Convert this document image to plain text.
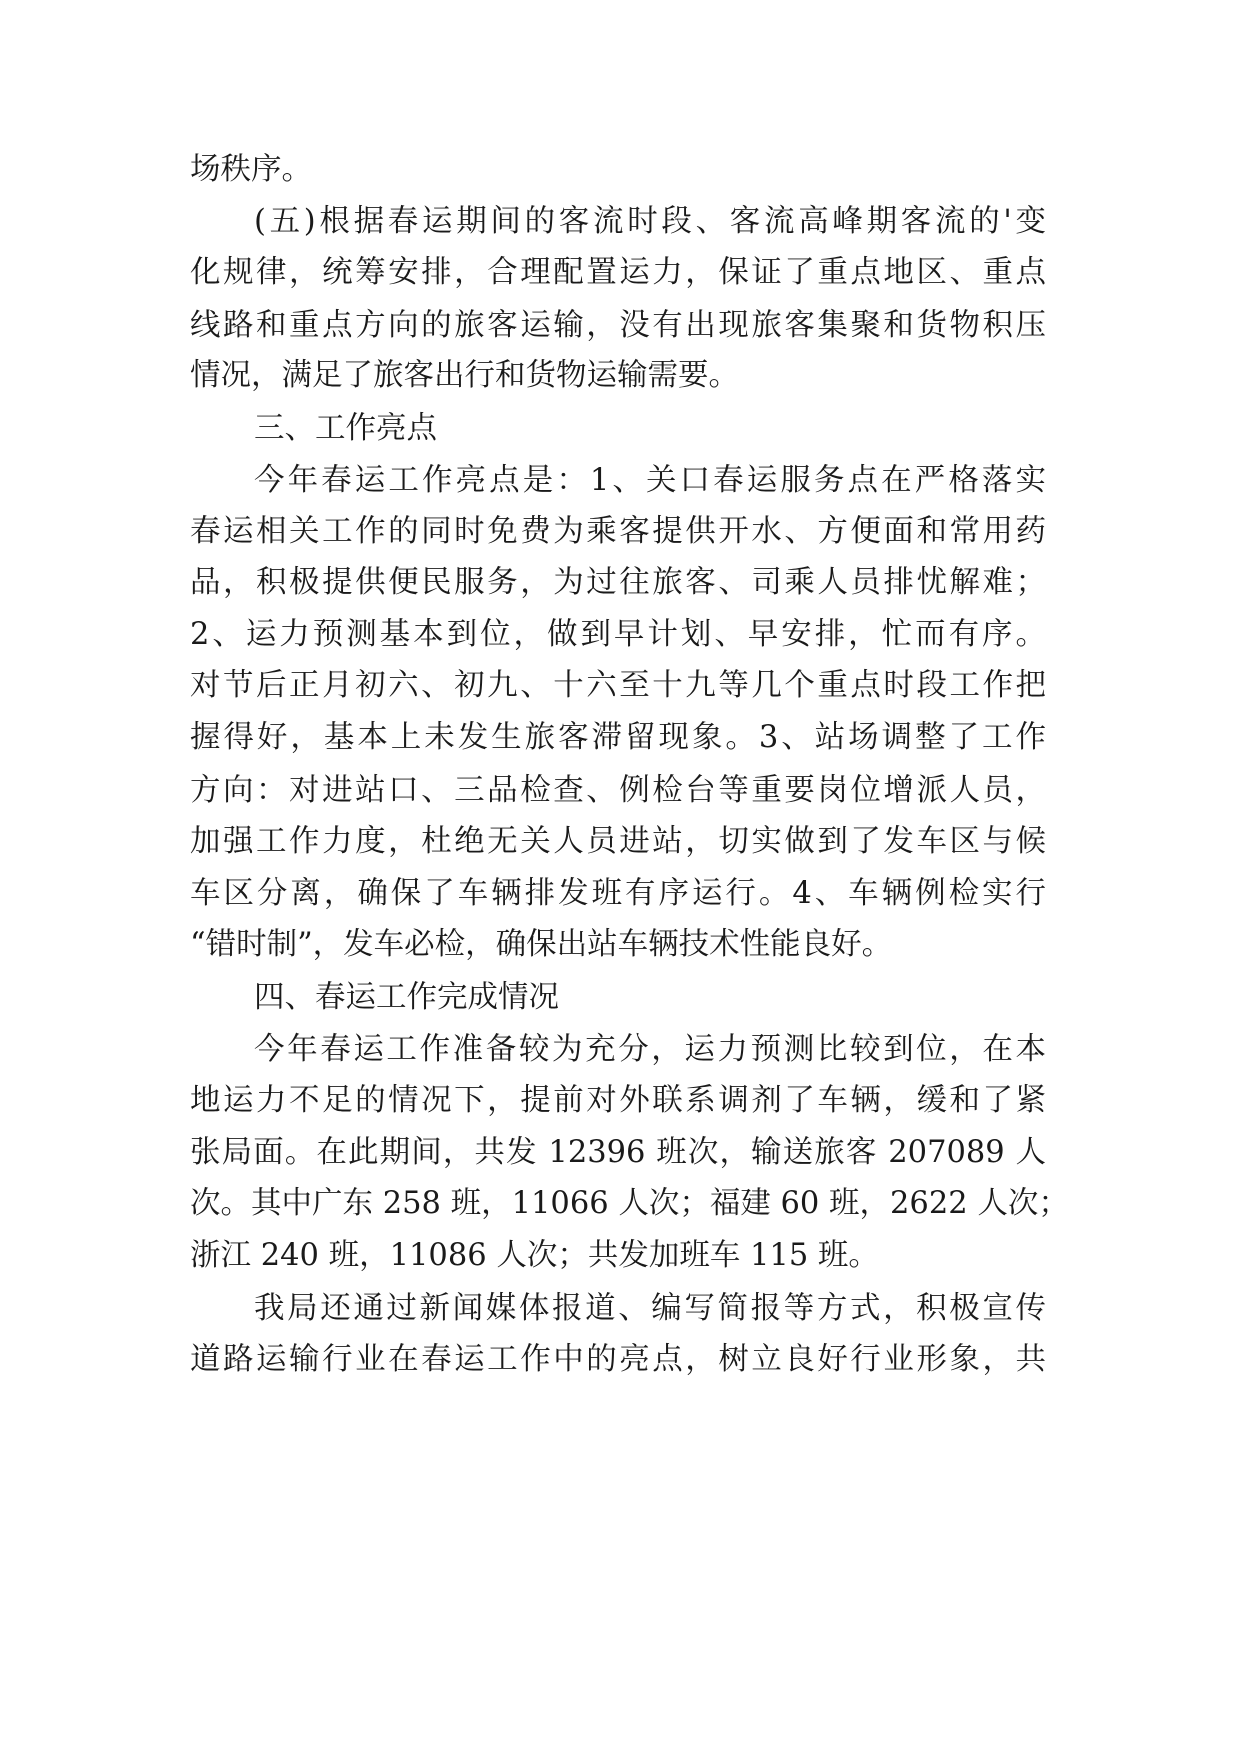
场秩序。
(五)根据春运期间的客流时段、客流高峰期客流的'变
化规律，统筹安排，合理配置运力，保证了重点地区、重点
线路和重点方向的旅客运输，没有出现旅客集聚和货物积压
情况，满足了旅客出行和货物运输需要。
三、工作亮点
今年春运工作亮点是：1、关口春运服务点在严格落实
春运相关工作的同时免费为乘客提供开水、方便面和常用药
品，积极提供便民服务，为过往旅客、司乘人员排忧解难；
2、运力预测基本到位，做到早计划、早安排，忙而有序。
对节后正月初六、初九、十六至十九等几个重点时段工作把
握得好，基本上未发生旅客滞留现象。3、站场调整了工作
方向：对进站口、三品检查、例检台等重要岗位增派人员，
加强工作力度，杜绝无关人员进站，切实做到了发车区与候
车区分离，确保了车辆排发班有序运行。4、车辆例检实行
“错时制”，发车必检，确保出站车辆技术性能良好。
四、春运工作完成情况
今年春运工作准备较为充分，运力预测比较到位，在本
地运力不足的情况下，提前对外联系调剂了车辆，缓和了紧
张局面。在此期间，共发 12396 班次，输送旅客 207089 人
次。其中广东 258 班，11066 人次；福建 60 班，2622 人次；
浙江 240 班，11086 人次；共发加班车 115 班。
我局还通过新闻媒体报道、编写简报等方式，积极宣传
道路运输行业在春运工作中的亮点，树立良好行业形象，共
